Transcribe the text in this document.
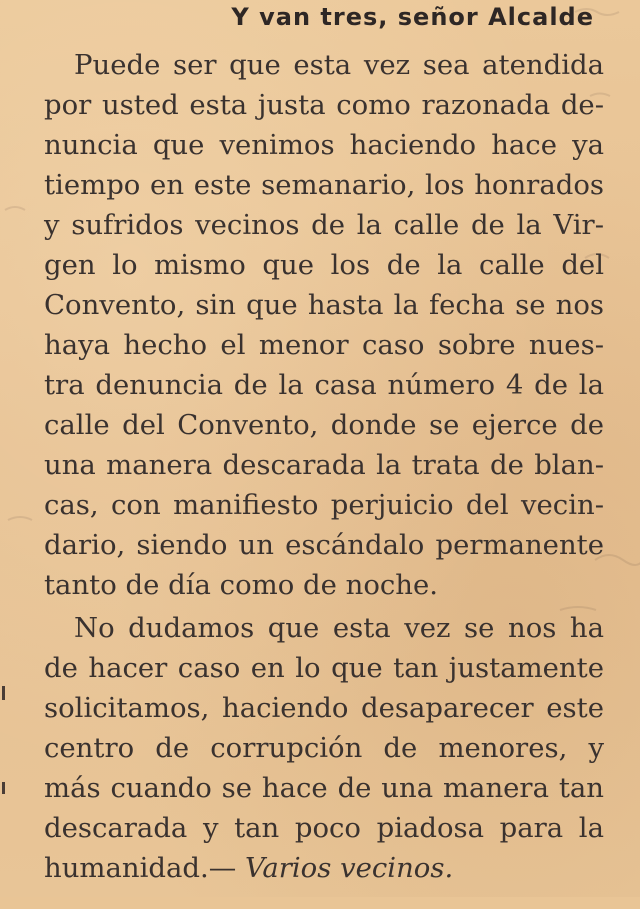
Y van tres, señor Alcalde
Puede ser que esta vez sea atendida
por usted esta justa como razonada de-
nuncia que venimos haciendo hace ya
tiempo en este semanario, los honrados
y sufridos vecinos de la calle de la Vir-
gen lo mismo que los de la calle del
Convento, sin que hasta la fecha se nos
haya hecho el menor caso sobre nues-
tra denuncia de la casa número 4 de la
calle del Convento, donde se ejerce de
una manera descarada la trata de blan-
cas, con manifiesto perjuicio del vecin-
dario, siendo un escándalo permanente
tanto de día como de noche.
No dudamos que esta vez se nos ha
de hacer caso en lo que tan justamente
solicitamos, haciendo desaparecer este
centro de corrupción de menores, y
más cuando se hace de una manera tan
descarada y tan poco piadosa para la
humanidad.— Varios vecinos.
